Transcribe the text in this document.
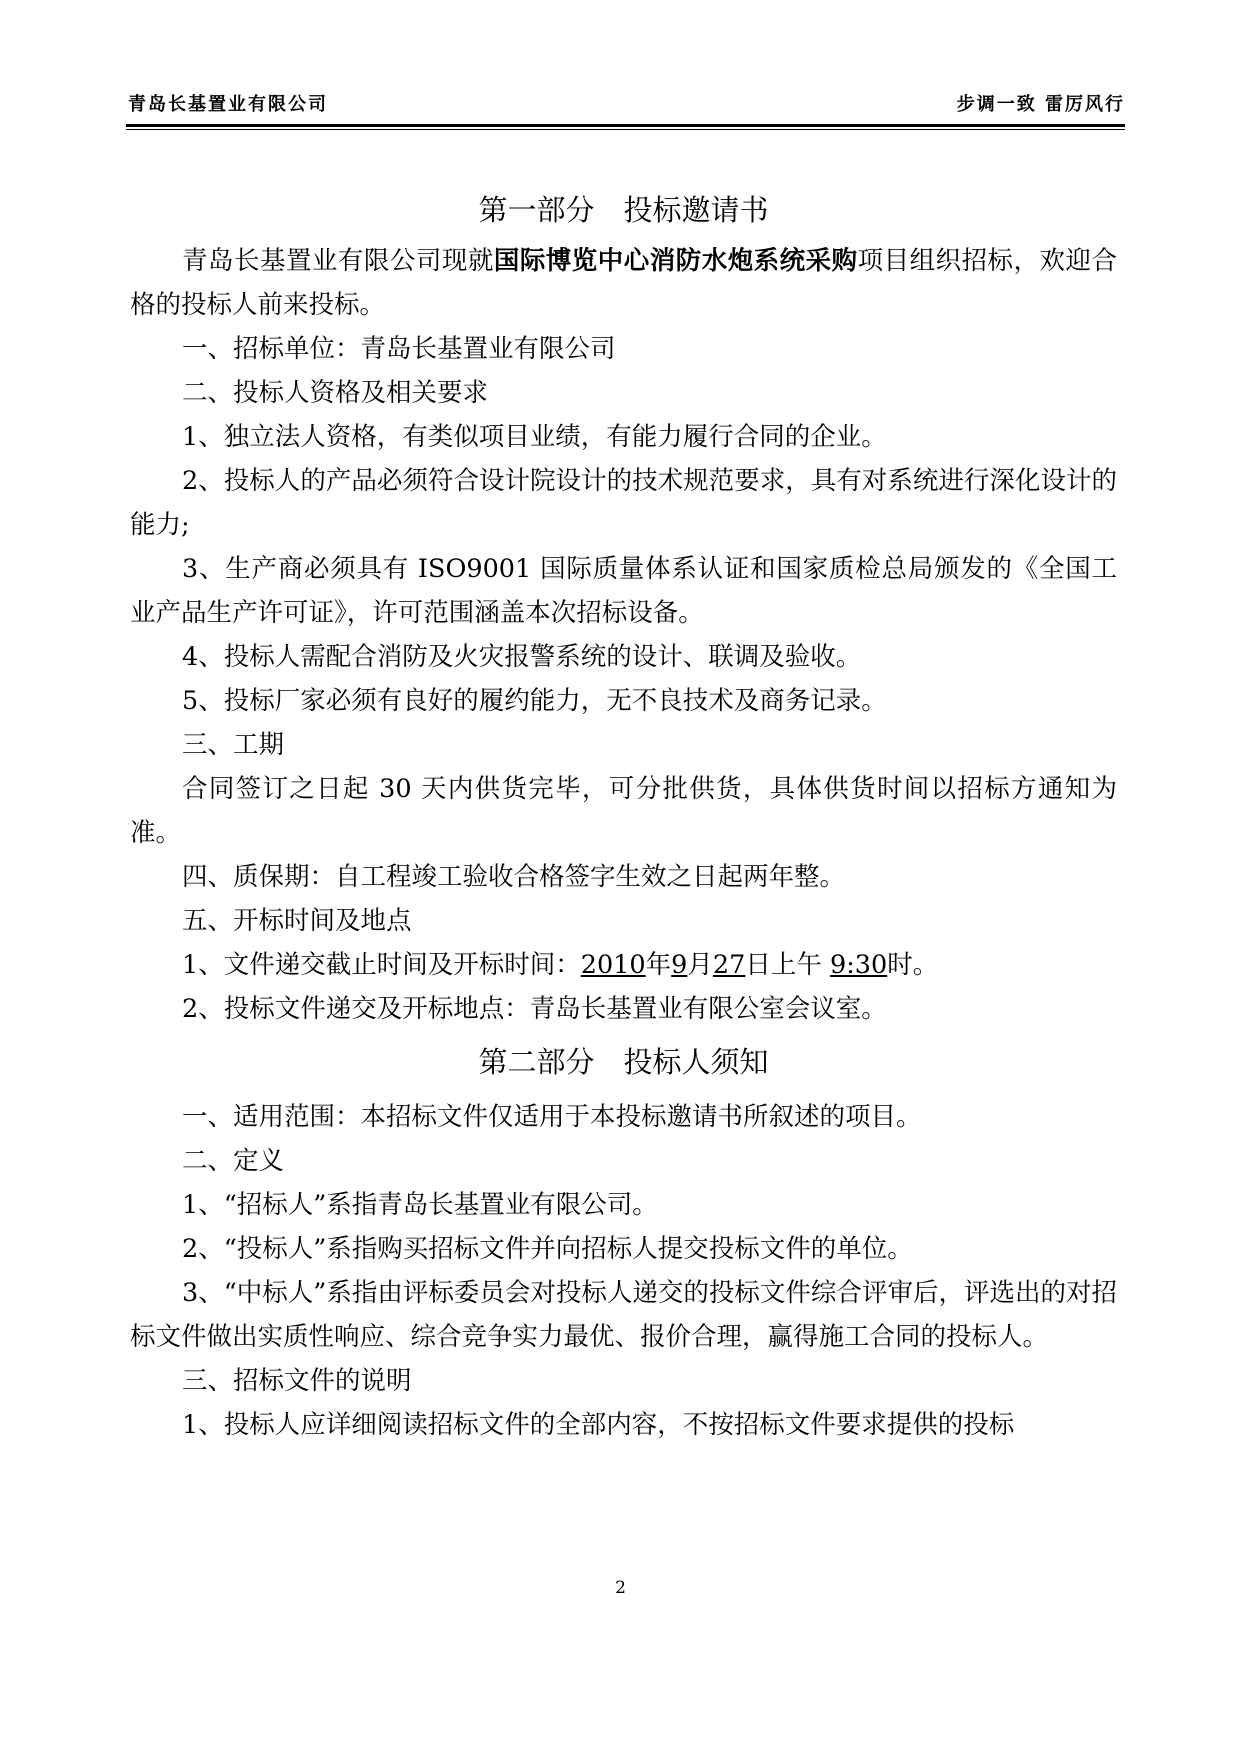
青岛长基置业有限公司	步调一致 雷厉风行
第一部分　投标邀请书

青岛长基置业有限公司现就国际博览中心消防水炮系统采购项目组织招标，欢迎合格的投标人前来投标。

一、招标单位：青岛长基置业有限公司

二、投标人资格及相关要求

1、独立法人资格，有类似项目业绩，有能力履行合同的企业。

2、投标人的产品必须符合设计院设计的技术规范要求，具有对系统进行深化设计的能力;

3、生产商必须具有 ISO9001 国际质量体系认证和国家质检总局颁发的《全国工业产品生产许可证》，许可范围涵盖本次招标设备。

4、投标人需配合消防及火灾报警系统的设计、联调及验收。

5、投标厂家必须有良好的履约能力，无不良技术及商务记录。

三、工期

合同签订之日起 30 天内供货完毕，可分批供货，具体供货时间以招标方通知为准。

四、质保期：自工程竣工验收合格签字生效之日起两年整。

五、开标时间及地点

1、文件递交截止时间及开标时间：2010年9月27日上午 9:30时。

2、投标文件递交及开标地点：青岛长基置业有限公室会议室。

第二部分　投标人须知

一、适用范围：本招标文件仅适用于本投标邀请书所叙述的项目。

二、定义

1、“招标人”系指青岛长基置业有限公司。

2、“投标人”系指购买招标文件并向招标人提交投标文件的单位。

3、“中标人”系指由评标委员会对投标人递交的投标文件综合评审后，评选出的对招标文件做出实质性响应、综合竞争实力最优、报价合理，赢得施工合同的投标人。

三、招标文件的说明

1、投标人应详细阅读招标文件的全部内容，不按招标文件要求提供的投标

2
